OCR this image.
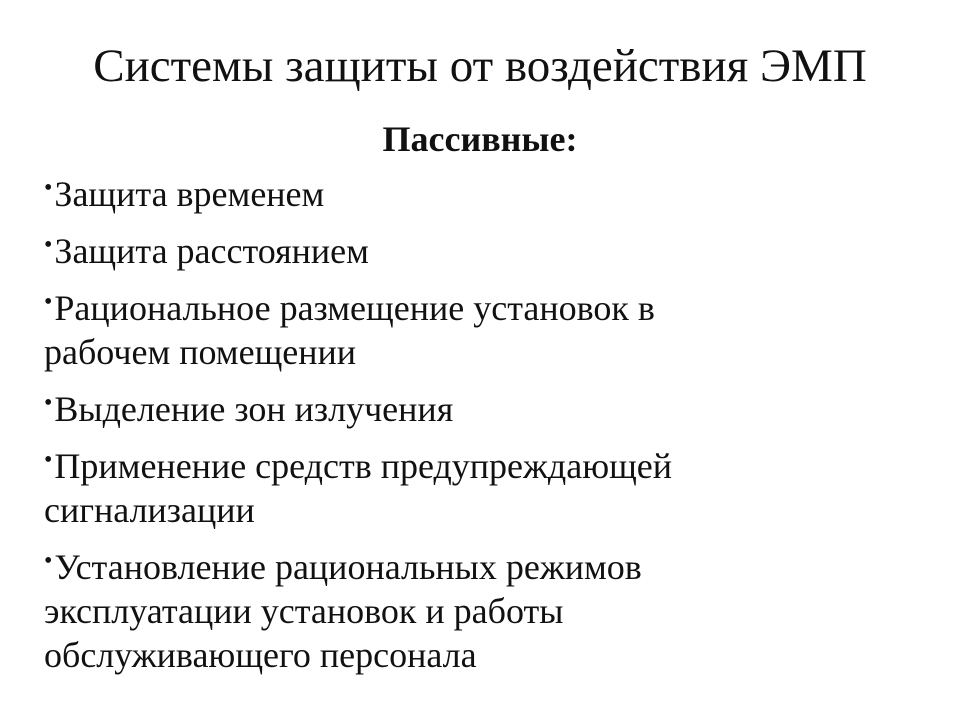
Системы защиты от воздействия ЭМП
Пассивные:
•Защита временем
•Защита расстоянием
•Рациональное размещение установок в
рабочем помещении
•Выделение зон излучения
•Применение средств предупреждающей
сигнализации
•Установление рациональных режимов
эксплуатации установок и работы
обслуживающего персонала
